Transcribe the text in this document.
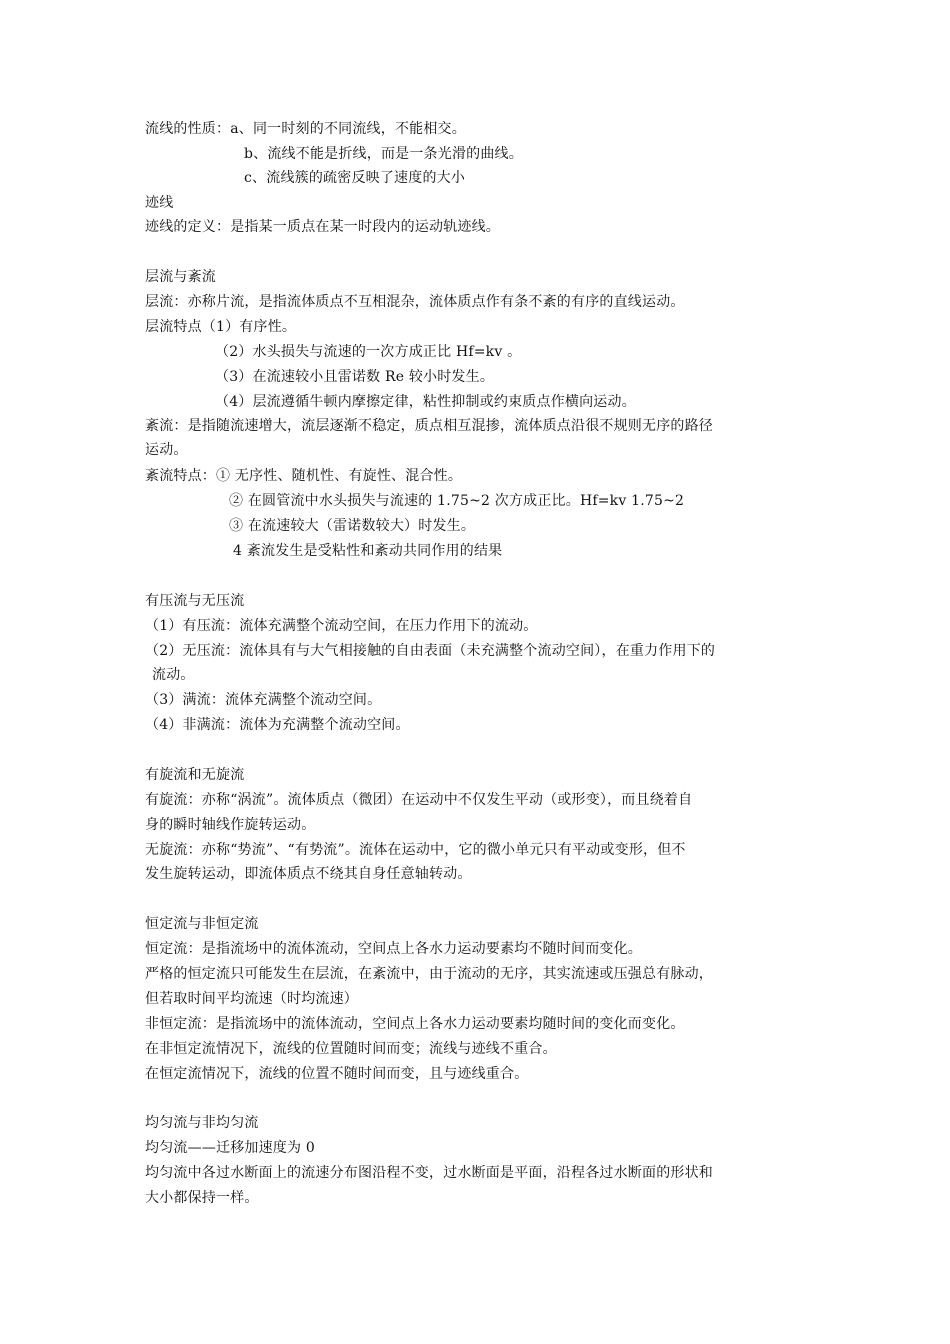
流线的性质：a、同一时刻的不同流线，不能相交。
b、流线不能是折线，而是一条光滑的曲线。
c、流线簇的疏密反映了速度的大小
迹线
迹线的定义：是指某一质点在某一时段内的运动轨迹线。
层流与紊流
层流：亦称片流，是指流体质点不互相混杂，流体质点作有条不紊的有序的直线运动。
层流特点（1）有序性。
（2）水头损失与流速的一次方成正比 Hf=kv 。
（3）在流速较小且雷诺数 Re 较小时发生。
（4）层流遵循牛顿内摩擦定律，粘性抑制或约束质点作横向运动。
紊流：是指随流速增大，流层逐渐不稳定，质点相互混掺，流体质点沿很不规则无序的路径
运动。
紊流特点：① 无序性、随机性、有旋性、混合性。
② 在圆管流中水头损失与流速的 1.75~2 次方成正比。Hf=kv 1.75~2
③ 在流速较大（雷诺数较大）时发生。
4 紊流发生是受粘性和紊动共同作用的结果
有压流与无压流
（1）有压流：流体充满整个流动空间，在压力作用下的流动。
（2）无压流：流体具有与大气相接触的自由表面（未充满整个流动空间），在重力作用下的
流动。
（3）满流：流体充满整个流动空间。
（4）非满流：流体为充满整个流动空间。
有旋流和无旋流
有旋流：亦称“涡流”。流体质点（微团）在运动中不仅发生平动（或形变），而且绕着自
身的瞬时轴线作旋转运动。
无旋流：亦称“势流”、“有势流”。流体在运动中，它的微小单元只有平动或变形，但不
发生旋转运动，即流体质点不绕其自身任意轴转动。
恒定流与非恒定流
恒定流：是指流场中的流体流动，空间点上各水力运动要素均不随时间而变化。
严格的恒定流只可能发生在层流，在紊流中，由于流动的无序，其实流速或压强总有脉动，
但若取时间平均流速（时均流速）
非恒定流：是指流场中的流体流动，空间点上各水力运动要素均随时间的变化而变化。
在非恒定流情况下，流线的位置随时间而变；流线与迹线不重合。
在恒定流情况下，流线的位置不随时间而变，且与迹线重合。
均匀流与非均匀流
均匀流——迁移加速度为 0
均匀流中各过水断面上的流速分布图沿程不变，过水断面是平面，沿程各过水断面的形状和
大小都保持一样。
